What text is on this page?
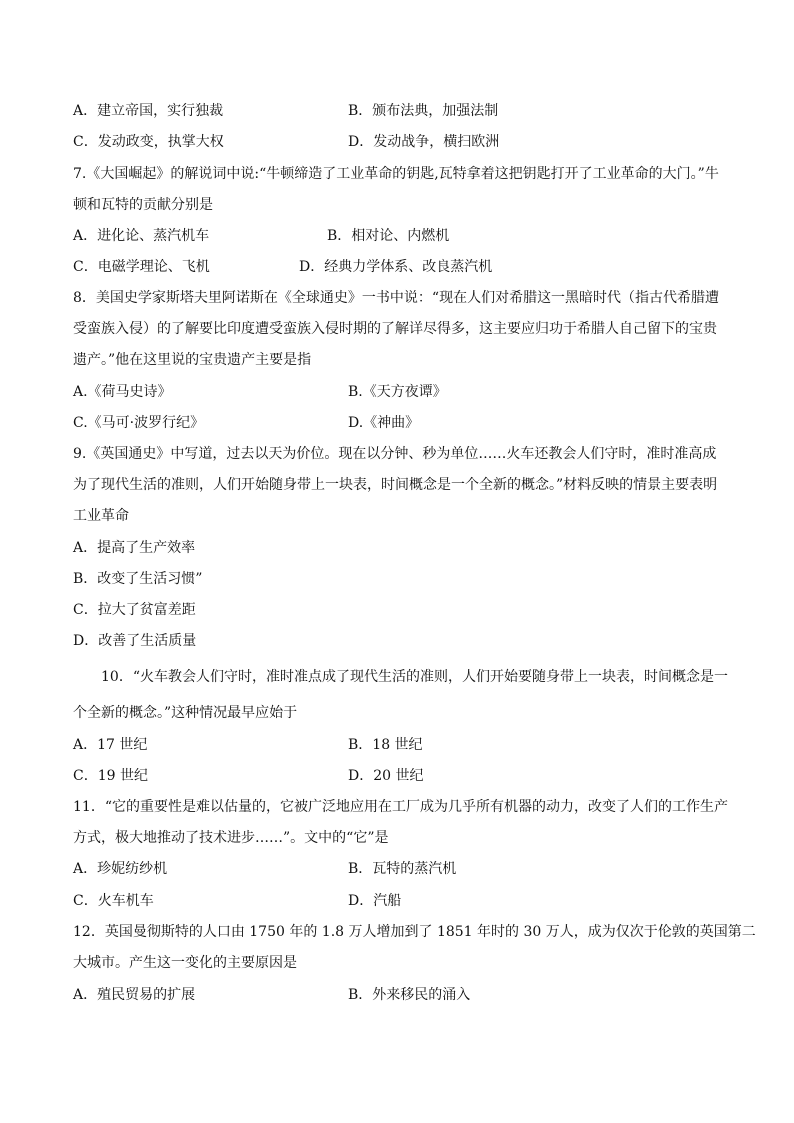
A．建立帝国，实行独裁	B．颁布法典，加强法制
C．发动政变，执掌大权	D．发动战争，横扫欧洲
7.《大国崛起》的解说词中说:“牛顿缔造了工业革命的钥匙,瓦特拿着这把钥匙打开了工业革命的大门。”牛
顿和瓦特的贡献分别是
A．进化论、蒸汽机车	B．相对论、内燃机
C．电磁学理论、飞机	D．经典力学体系、改良蒸汽机
8．美国史学家斯塔夫里阿诺斯在《全球通史》一书中说：“现在人们对希腊这一黑暗时代（指古代希腊遭
受蛮族入侵）的了解要比印度遭受蛮族入侵时期的了解详尽得多，这主要应归功于希腊人自己留下的宝贵
遗产。”他在这里说的宝贵遗产主要是指
A.《荷马史诗》	B.《天方夜谭》
C.《马可·波罗行纪》	D.《神曲》
9.《英国通史》中写道，过去以天为价位。现在以分钟、秒为单位……火车还教会人们守时，准时准高成
为了现代生活的准则，人们开始随身带上一块表，时间概念是一个全新的概念。”材料反映的情景主要表明
工业革命
A．提高了生产效率
B．改变了生活习惯”
C．拉大了贫富差距
D．改善了生活质量
10．“火车教会人们守时，准时准点成了现代生活的准则，人们开始要随身带上一块表，时间概念是一
个全新的概念。”这种情况最早应始于
A．17 世纪	B．18 世纪
C．19 世纪	D．20 世纪
11．“它的重要性是难以估量的，它被广泛地应用在工厂成为几乎所有机器的动力，改变了人们的工作生产
方式，极大地推动了技术进步……”。文中的“它”是
A．珍妮纺纱机	B．瓦特的蒸汽机
C．火车机车	D．汽船
12．英国曼彻斯特的人口由 1750 年的 1.8 万人增加到了 1851 年时的 30 万人，成为仅次于伦敦的英国第二
大城市。产生这一变化的主要原因是
A．殖民贸易的扩展	B．外来移民的涌入
